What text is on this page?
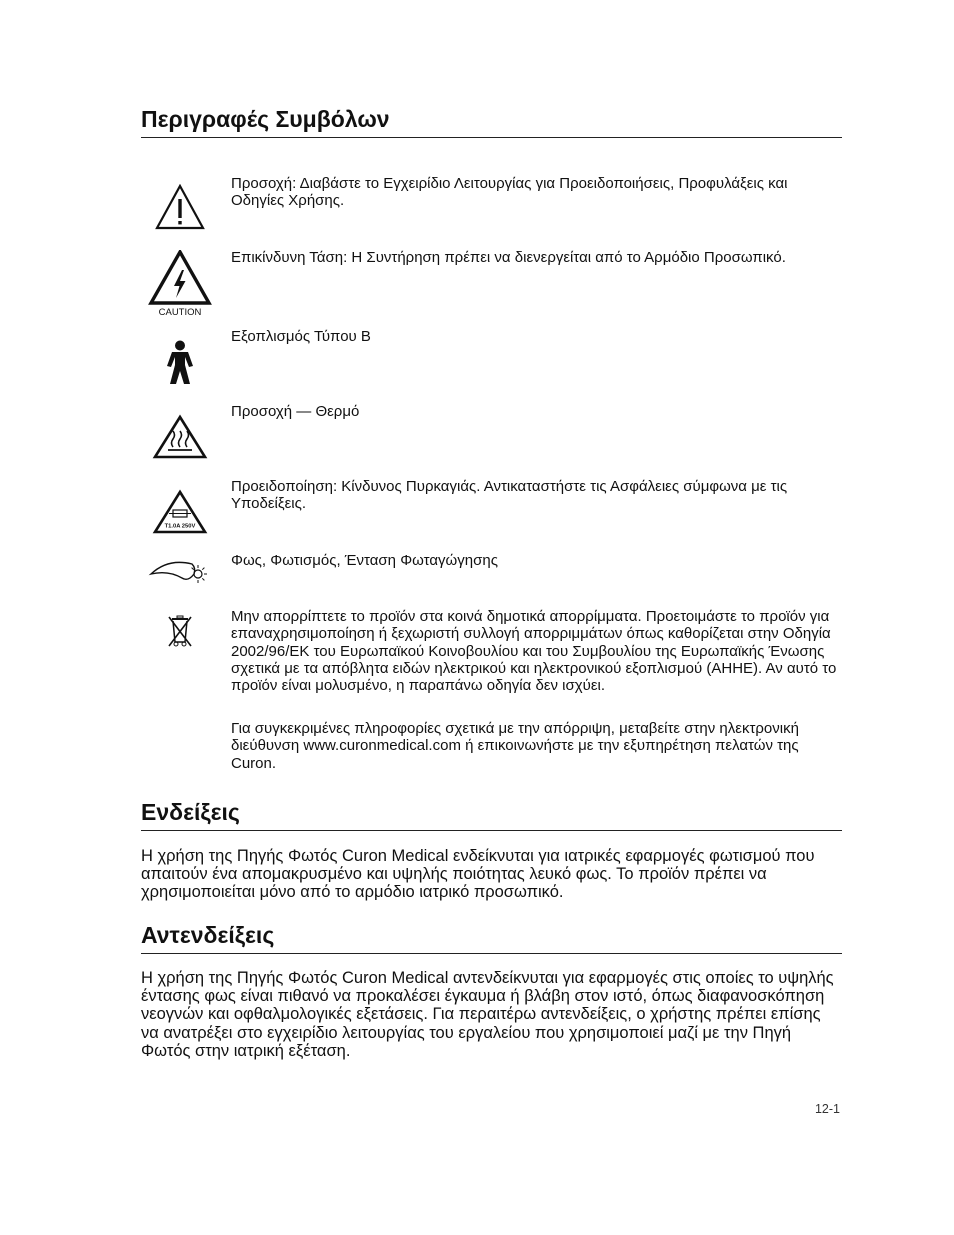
Περιγραφές Συμβόλων
Προσοχή: Διαβάστε το Εγχειρίδιο Λειτουργίας για Προειδοποιήσεις, Προφυλάξεις και Οδηγίες Χρήσης.
CAUTION
Επικίνδυνη Τάση: Η Συντήρηση πρέπει να διενεργείται από το Αρμόδιο Προσωπικό.
Εξοπλισμός Τύπου B
Προσοχή — Θερμό
T1.0A 250V
Προειδοποίηση: Κίνδυνος Πυρκαγιάς. Αντικαταστήστε τις Ασφάλειες σύμφωνα με τις Υποδείξεις.
Φως, Φωτισμός, Ένταση Φωταγώγησης
Μην απορρίπτετε το προϊόν στα κοινά δημοτικά απορρίμματα. Προετοιμάστε το προϊόν για επαναχρησιμοποίηση ή ξεχωριστή συλλογή απορριμμάτων όπως καθορίζεται στην Οδηγία 2002/96/ΕΚ του Ευρωπαϊκού Κοινοβουλίου και του Συμβουλίου της Ευρωπαϊκής Ένωσης σχετικά με τα απόβλητα ειδών ηλεκτρικού και ηλεκτρονικού εξοπλισμού (ΑΗΗΕ). Αν αυτό το προϊόν είναι μολυσμένο, η παραπάνω οδηγία δεν ισχύει.
Για συγκεκριμένες πληροφορίες σχετικά με την απόρριψη, μεταβείτε στην ηλεκτρονική διεύθυνση www.curonmedical.com ή επικοινωνήστε με την εξυπηρέτηση πελατών της Curon.
Ενδείξεις
Η χρήση της Πηγής Φωτός Curon Medical ενδείκνυται για ιατρικές εφαρμογές φωτισμού που απαιτούν ένα απομακρυσμένο και υψηλής ποιότητας λευκό φως. Το προϊόν πρέπει να χρησιμοποιείται μόνο από το αρμόδιο ιατρικό προσωπικό.
Αντενδείξεις
Η χρήση της Πηγής Φωτός Curon Medical αντενδείκνυται για εφαρμογές στις οποίες το υψηλής έντασης φως είναι πιθανό να προκαλέσει έγκαυμα ή βλάβη στον ιστό, όπως διαφανοσκόπηση νεογνών και οφθαλμολογικές εξετάσεις. Για περαιτέρω αντενδείξεις, ο χρήστης πρέπει επίσης να ανατρέξει στο εγχειρίδιο λειτουργίας του εργαλείου που χρησιμοποιεί μαζί με την Πηγή Φωτός στην ιατρική εξέταση.
12-1
